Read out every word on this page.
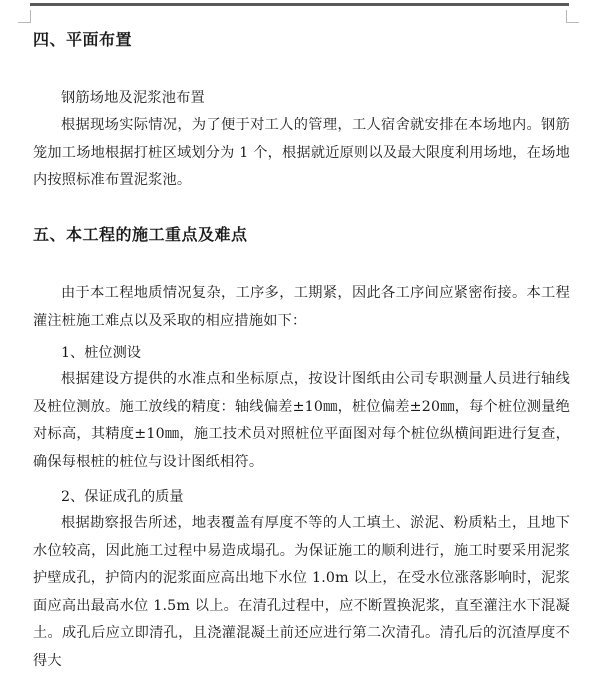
四、平面布置
钢筋场地及泥浆池布置
根据现场实际情况，为了便于对工人的管理，工人宿舍就安排在本场地内。钢筋笼加工场地根据打桩区域划分为 1 个，根据就近原则以及最大限度利用场地，在场地内按照标准布置泥浆池。
五、本工程的施工重点及难点
由于本工程地质情况复杂，工序多，工期紧，因此各工序间应紧密衔接。本工程灌注桩施工难点以及采取的相应措施如下：
1、桩位测设
根据建设方提供的水准点和坐标原点，按设计图纸由公司专职测量人员进行轴线及桩位测放。施工放线的精度：轴线偏差±10㎜，桩位偏差±20㎜，每个桩位测量绝对标高，其精度±10㎜，施工技术员对照桩位平面图对每个桩位纵横间距进行复查，确保每根桩的桩位与设计图纸相符。
2、保证成孔的质量
根据勘察报告所述，地表覆盖有厚度不等的人工填土、淤泥、粉质粘土，且地下水位较高，因此施工过程中易造成塌孔。为保证施工的顺利进行，施工时要采用泥浆护壁成孔，护筒内的泥浆面应高出地下水位 1.0m 以上，在受水位涨落影响时，泥浆面应高出最高水位 1.5m 以上。在清孔过程中，应不断置换泥浆，直至灌注水下混凝土。成孔后应立即清孔，且浇灌混凝土前还应进行第二次清孔。清孔后的沉渣厚度不得大
